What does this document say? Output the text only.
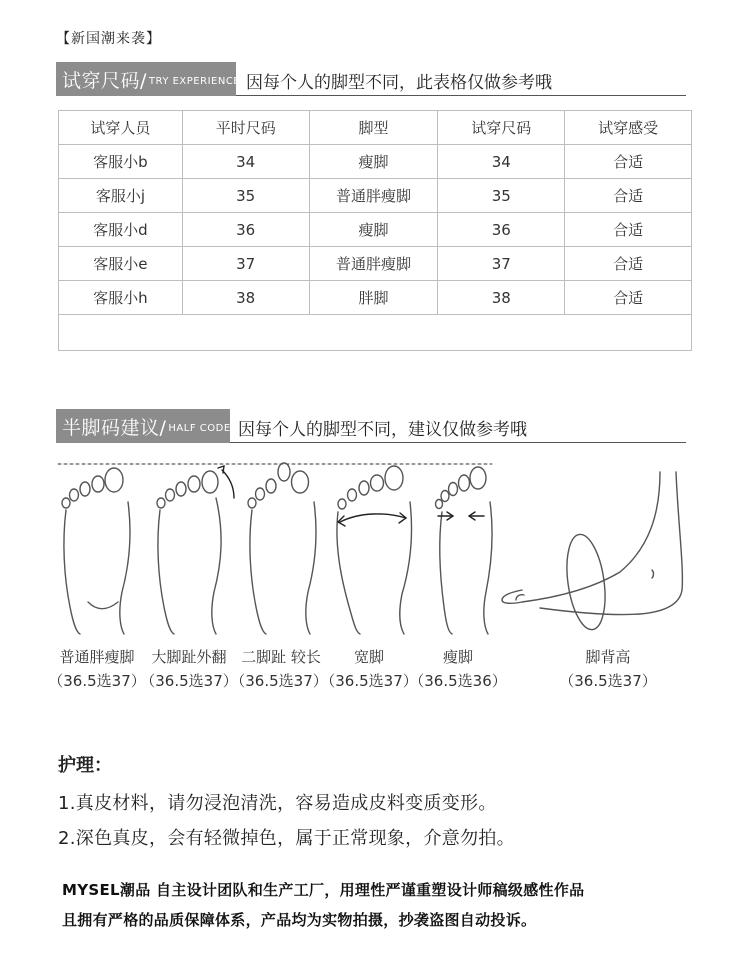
【新国潮来袭】
试穿尺码/ TRY EXPERIENCE 因每个人的脚型不同，此表格仅做参考哦
试穿人员	平时尺码	脚型	试穿尺码	试穿感受
客服小b	34	瘦脚	34	合适
客服小j	35	普通胖瘦脚	35	合适
客服小d	36	瘦脚	36	合适
客服小e	37	普通胖瘦脚	37	合适
客服小h	38	胖脚	38	合适

半脚码建议/ HALF CODE 因每个人的脚型不同，建议仅做参考哦
普通胖瘦脚 大脚趾外翻 二脚趾 较长 宽脚	瘦脚	脚背高
（36.5选37）
（36.5选37）
（36.5选37）
（36.5选37）
（36.5选36）	（36.5选37）
护理：
1.真皮材料，请勿浸泡清洗，容易造成皮料变质变形。
2.深色真皮，会有轻微掉色，属于正常现象，介意勿拍。
MYSEL潮品 自主设计团队和生产工厂，用理性严谨重塑设计师稿级感性作品
且拥有严格的品质保障体系，产品均为实物拍摄，抄袭盗图自动投诉。
